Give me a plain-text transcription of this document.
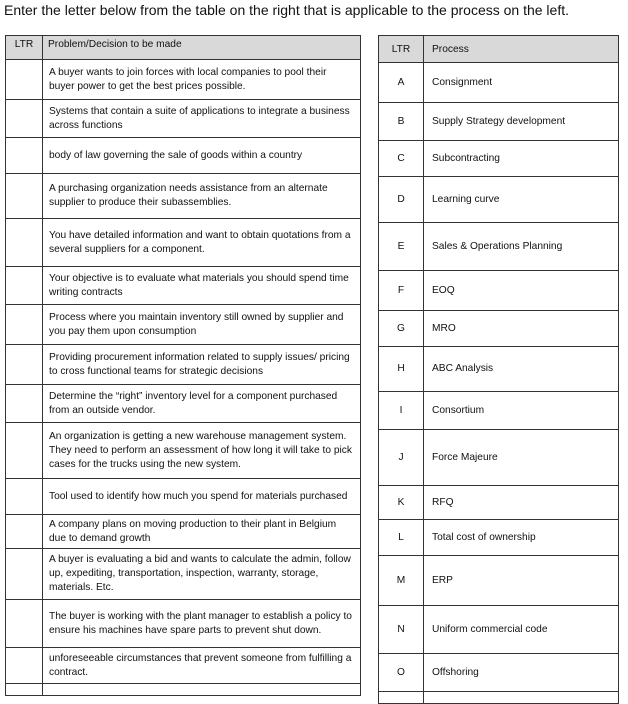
Enter the letter below from the table on the right that is applicable to the process on the left.
LTR	Problem/Decision to be made
	A buyer wants to join forces with local companies to pool their buyer power to get the best prices possible.
	Systems that contain a suite of applications to integrate a business across functions
	body of law governing the sale of goods within a country
	A purchasing organization needs assistance from an alternate supplier to produce their subassemblies.
	You have detailed information and want to obtain quotations from a several suppliers for a component.
	Your objective is to evaluate what materials you should spend time writing contracts
	Process where you maintain inventory still owned by supplier and you pay them upon consumption
	Providing procurement information related to supply issues/ pricing to cross functional teams for strategic decisions
	Determine the “right” inventory level for a component purchased from an outside vendor.
	An organization is getting a new warehouse management system. They need to perform an assessment of how long it will take to pick cases for the trucks using the new system.
	Tool used to identify how much you spend for materials purchased
	A company plans on moving production to their plant in Belgium due to demand growth
	A buyer is evaluating a bid and wants to calculate the admin, follow up, expediting, transportation, inspection, warranty, storage, materials. Etc.
	The buyer is working with the plant manager to establish a policy to ensure his machines have spare parts to prevent shut down.
	unforeseeable circumstances that prevent someone from fulfilling a contract.

LTR	Process
A	Consignment
B	Supply Strategy development
C	Subcontracting
D	Learning curve
E	Sales & Operations Planning
F	EOQ
G	MRO
H	ABC Analysis
I	Consortium
J	Force Majeure
K	RFQ
L	Total cost of ownership
M	ERP
N	Uniform commercial code
O	Offshoring
